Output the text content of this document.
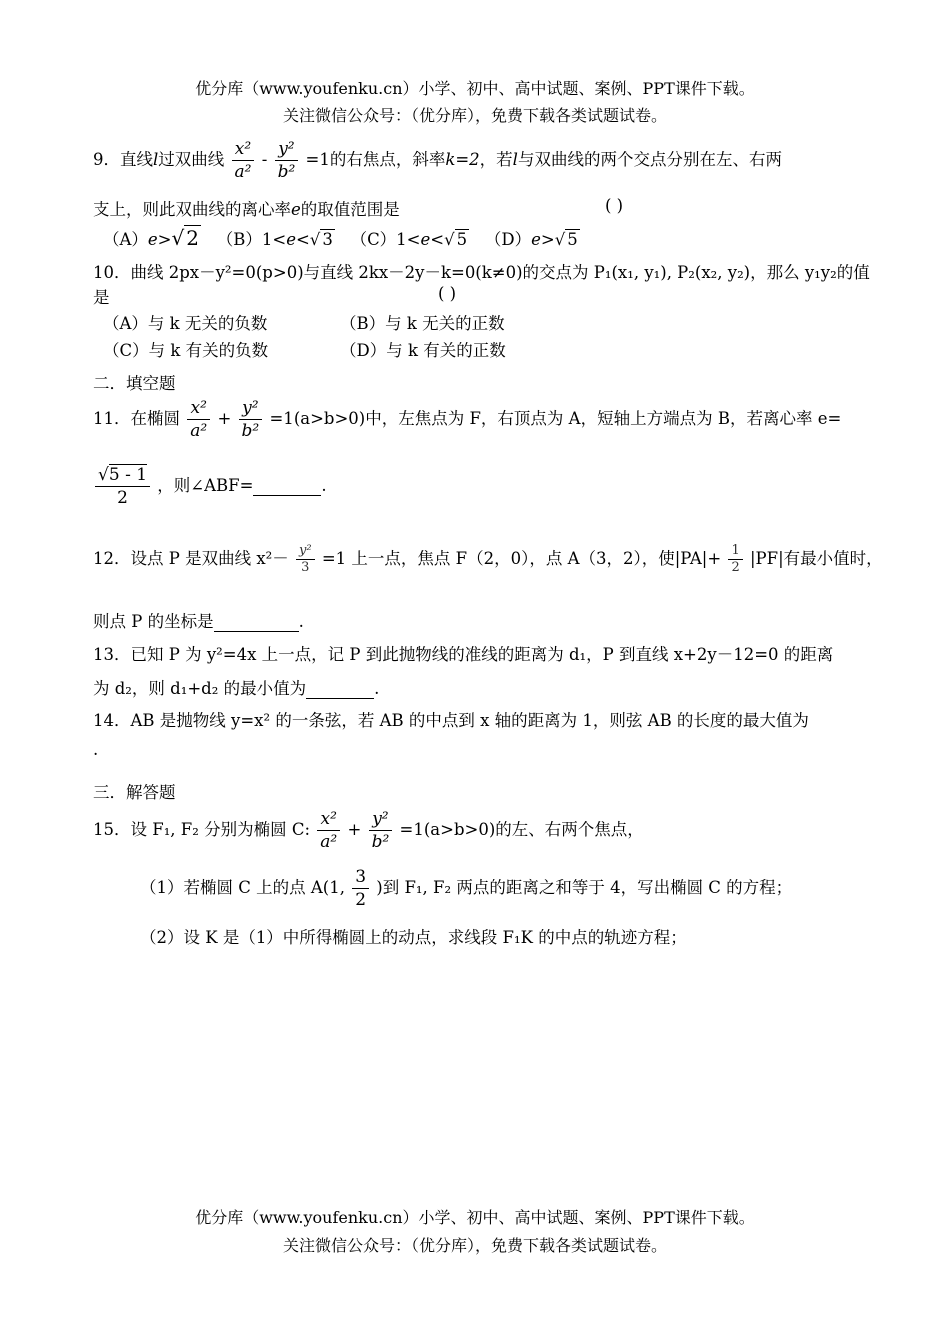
优分库（www.youfenku.cn）小学、初中、高中试题、案例、PPT课件下载。
关注微信公众号：（优分库），免费下载各类试题试卷。
9．直线l过双曲线 $\frac{\text{x²}}{\text{a²}} - \frac{\text{y²}}{\text{b²}} =1$的右焦点，斜率k=2，若l与双曲线的两个交点分别在左、右两
支上，则此双曲线的离心率e的取值范围是	( )
（A）e>√ 2 （B）1<e<√ 3 （C）1<e<√ 5 （D）e>√ 5
10．曲线 2px－y²=0(p>0)与直线 2kx－2y－k=0(k≠0)的交点为 P₁(x₁, y₁), P₂(x₂, y₂)，那么 y₁y₂的值
是	( )
（A）与 k 无关的负数	（B）与 k 无关的正数
（C）与 k 有关的负数	（D）与 k 有关的正数
二．填空题
11．在椭圆 $\frac{\text{x²}}{\text{a²}} + \frac{\text{y²}}{\text{b²}} =1(a>b>0)$中，左焦点为 F，右顶点为 A，短轴上方端点为 B，若离心率 e=
$\frac{√5 - 1}{2}$ ，则∠ABF=	.
12．设点 P 是双曲线 $x^2- \frac{\text{y²}}{3} =1$ 上一点，焦点 F（2，0），点 A（3，2），使$|PA|+ \frac{1}{2} |PF|$有最小值时，
则点 P 的坐标是	.
13．已知 P 为 y²=4x 上一点，记 P 到此抛物线的准线的距离为 d₁，P 到直线 x+2y－12=0 的距离
为 d₂，则 d₁+d₂ 的最小值为	.
14．AB 是抛物线 y=x² 的一条弦，若 AB 的中点到 x 轴的距离为 1，则弦 AB 的长度的最大值为
.
三．解答题
15．设 F₁, F₂ 分别为椭圆 C: $\frac{\text{x²}}{\text{a²}} + \frac{\text{y²}}{\text{b²}} =1(a>b>0)$的左、右两个焦点，
（1）若椭圆 C 上的点 A(1, $\frac{3}{2}$ )到 F₁, F₂ 两点的距离之和等于 4，写出椭圆 C 的方程；
（2）设 K 是（1）中所得椭圆上的动点，求线段 F₁K 的中点的轨迹方程；
优分库（www.youfenku.cn）小学、初中、高中试题、案例、PPT课件下载。
关注微信公众号：（优分库），免费下载各类试题试卷。
